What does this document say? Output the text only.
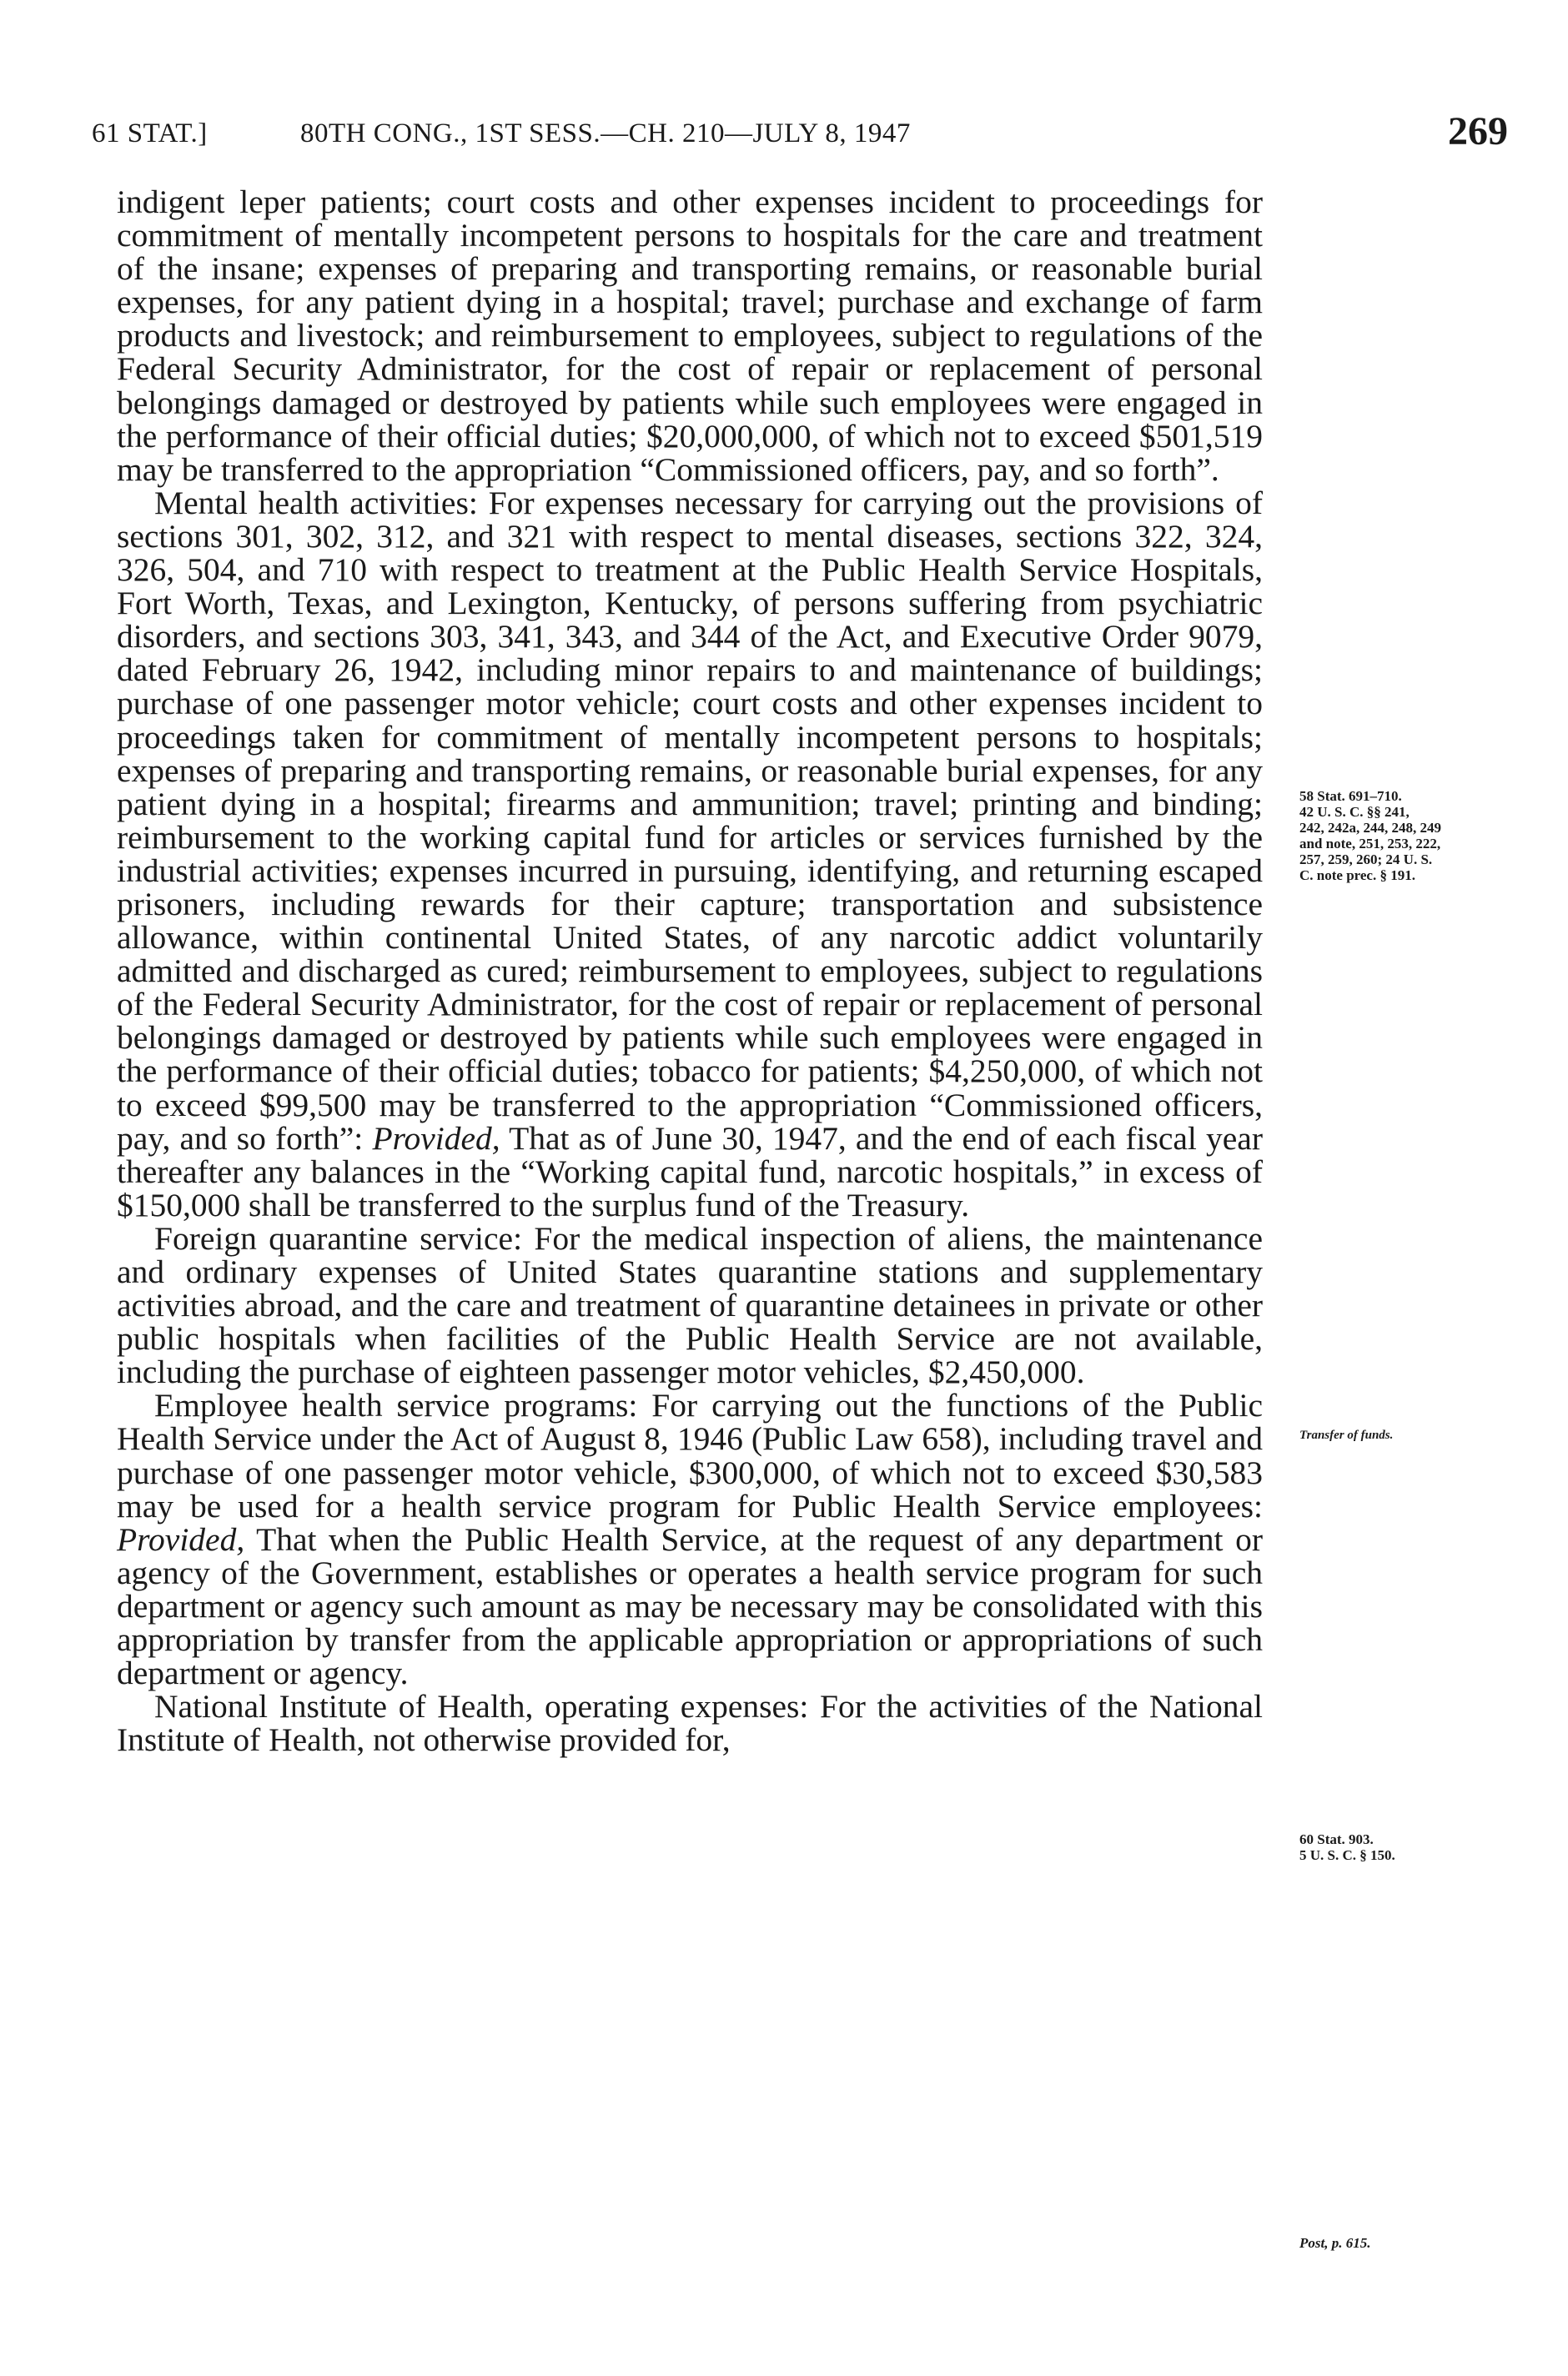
61 STAT.]	80TH CONG., 1ST SESS.—CH. 210—JULY 8, 1947	269

indigent leper patients; court costs and other expenses incident to proceedings for commitment of mentally incompetent persons to hospitals for the care and treatment of the insane; expenses of preparing and transporting remains, or reasonable burial expenses, for any patient dying in a hospital; travel; purchase and exchange of farm products and livestock; and reimbursement to employees, subject to regulations of the Federal Security Administrator, for the cost of repair or replacement of personal belongings damaged or destroyed by patients while such employees were engaged in the performance of their official duties; $20,000,000, of which not to exceed $501,519 may be transferred to the appropriation “Commissioned officers, pay, and so forth”.

Mental health activities: For expenses necessary for carrying out the provisions of sections 301, 302, 312, and 321 with respect to mental diseases, sections 322, 324, 326, 504, and 710 with respect to treatment at the Public Health Service Hospitals, Fort Worth, Texas, and Lexington, Kentucky, of persons suffering from psychiatric disorders, and sections 303, 341, 343, and 344 of the Act, and Executive Order 9079, dated February 26, 1942, including minor repairs to and maintenance of buildings; purchase of one passenger motor vehicle; court costs and other expenses incident to proceedings taken for commitment of mentally incompetent persons to hospitals; expenses of preparing and transporting remains, or reasonable burial expenses, for any patient dying in a hospital; firearms and ammunition; travel; printing and binding; reimbursement to the working capital fund for articles or services furnished by the industrial activities; expenses incurred in pursuing, identifying, and returning escaped prisoners, including rewards for their capture; transportation and subsistence allowance, within continental United States, of any narcotic addict voluntarily admitted and discharged as cured; reimbursement to employees, subject to regulations of the Federal Security Administrator, for the cost of repair or replacement of personal belongings damaged or destroyed by patients while such employees were engaged in the performance of their official duties; tobacco for patients; $4,250,000, of which not to exceed $99,500 may be transferred to the appropriation “Commissioned officers, pay, and so forth”: Provided, That as of June 30, 1947, and the end of each fiscal year thereafter any balances in the “Working capital fund, narcotic hospitals,” in excess of $150,000 shall be transferred to the surplus fund of the Treasury.

Foreign quarantine service: For the medical inspection of aliens, the maintenance and ordinary expenses of United States quarantine stations and supplementary activities abroad, and the care and treatment of quarantine detainees in private or other public hospitals when facilities of the Public Health Service are not available, including the purchase of eighteen passenger motor vehicles, $2,450,000.

Employee health service programs: For carrying out the functions of the Public Health Service under the Act of August 8, 1946 (Public Law 658), including travel and purchase of one passenger motor vehicle, $300,000, of which not to exceed $30,583 may be used for a health service program for Public Health Service employees: Provided, That when the Public Health Service, at the request of any department or agency of the Government, establishes or operates a health service program for such department or agency such amount as may be necessary may be consolidated with this appropriation by transfer from the applicable appropriation or appropriations of such department or agency.

National Institute of Health, operating expenses: For the activities of the National Institute of Health, not otherwise provided for,

58 Stat. 691–710.
42 U. S. C. §§ 241,
242, 242a, 244, 248, 249
and note, 251, 253, 222,
257, 259, 260; 24 U. S.
C. note prec. § 191.
Transfer of funds.
60 Stat. 903.
5 U. S. C. § 150.
Post, p. 615.
